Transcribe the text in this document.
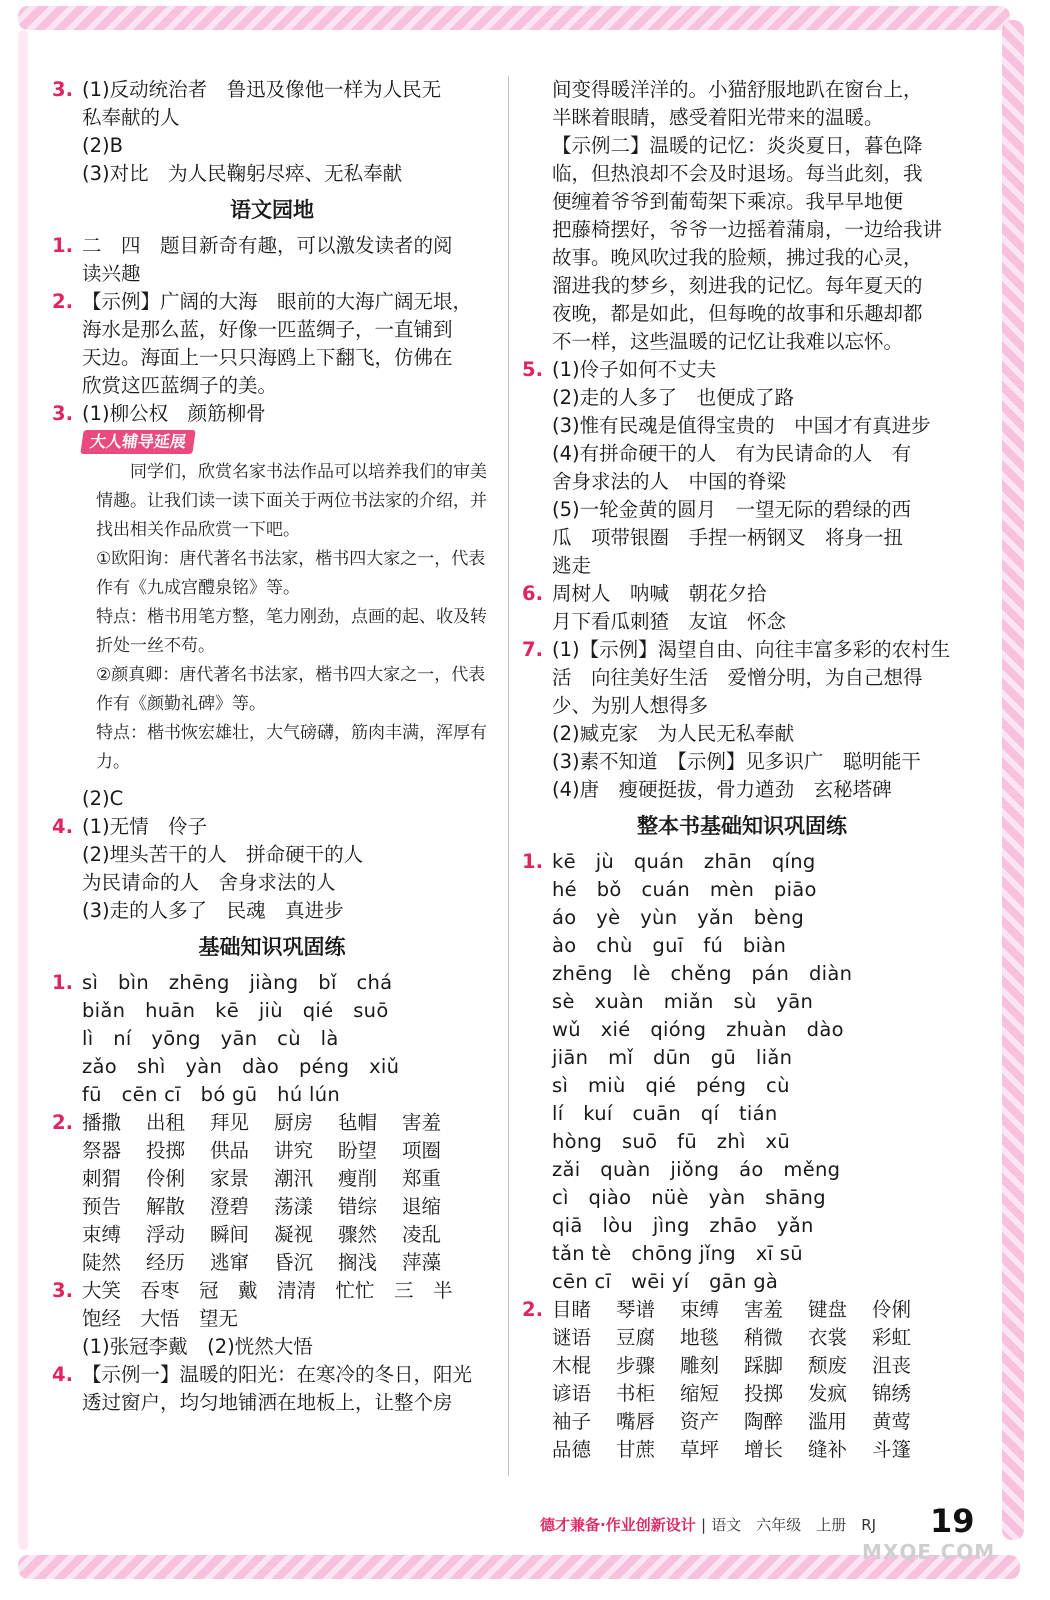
3. (1)反动统治者　鲁迅及像他一样为人民无
私奉献的人
(2)B
(3)对比　为人民鞠躬尽瘁、无私奉献
语文园地
1. 二　四　题目新奇有趣，可以激发读者的阅
读兴趣
2. 【示例】广阔的大海　眼前的大海广阔无垠，
海水是那么蓝，好像一匹蓝绸子，一直铺到
天边。海面上一只只海鸥上下翻飞，仿佛在
欣赏这匹蓝绸子的美。
3. (1)柳公权　颜筋柳骨
大人辅导延展
同学们，欣赏名家书法作品可以培养我们的审美情趣。让我们读一读下面关于两位书法家的介绍，并找出相关作品欣赏一下吧。
①欧阳询：唐代著名书法家，楷书四大家之一，代表作有《九成宫醴泉铭》等。
特点：楷书用笔方整，笔力刚劲，点画的起、收及转折处一丝不苟。
②颜真卿：唐代著名书法家，楷书四大家之一，代表作有《颜勤礼碑》等。
特点：楷书恢宏雄壮，大气磅礴，筋肉丰满，浑厚有力。
(2)C
4. (1)无情　伶子
(2)埋头苦干的人　拼命硬干的人
为民请命的人　舍身求法的人
(3)走的人多了　民魂　真进步
基础知识巩固练
1. sì　bìn　zhēng　jiàng　bǐ　chá
biǎn　huān　kē　jiù　qié　suō
lì　ní　yōng　yān　cù　là
zǎo　shì　yàn　dào　péng　xiǔ
fū　cēn cī　bó gū　hú lún
2. 播撒	出租	拜见	厨房	毡帽	害羞
祭器	投掷	供品	讲究	盼望	项圈
刺猬	伶俐	家景	潮汛	瘦削	郑重
预告	解散	澄碧	荡漾	错综	退缩
束缚	浮动	瞬间	凝视	骤然	凌乱
陡然	经历	逃窜	昏沉	搁浅	萍藻
3. 大笑　吞枣　冠　戴　清清　忙忙　三　半
饱经　大悟　望无
(1)张冠李戴　(2)恍然大悟
4. 【示例一】温暖的阳光：在寒冷的冬日，阳光
透过窗户，均匀地铺洒在地板上，让整个房
间变得暖洋洋的。小猫舒服地趴在窗台上，
半眯着眼睛，感受着阳光带来的温暖。
【示例二】温暖的记忆：炎炎夏日，暮色降
临，但热浪却不会及时退场。每当此刻，我
便缠着爷爷到葡萄架下乘凉。我早早地便
把藤椅摆好，爷爷一边摇着蒲扇，一边给我讲
故事。晚风吹过我的脸颊，拂过我的心灵，
溜进我的梦乡，刻进我的记忆。每年夏天的
夜晚，都是如此，但每晚的故事和乐趣却都
不一样，这些温暖的记忆让我难以忘怀。
5. (1)伶子如何不丈夫
(2)走的人多了　也便成了路
(3)惟有民魂是值得宝贵的　中国才有真进步
(4)有拼命硬干的人　有为民请命的人　有
舍身求法的人　中国的脊梁
(5)一轮金黄的圆月　一望无际的碧绿的西
瓜　项带银圈　手捏一柄钢叉　将身一扭
逃走
6. 周树人　呐喊　朝花夕拾
月下看瓜刺猹　友谊　怀念
7. (1)【示例】渴望自由、向往丰富多彩的农村生
活　向往美好生活　爱憎分明，为自己想得
少、为别人想得多
(2)臧克家　为人民无私奉献
(3)素不知道　【示例】见多识广　聪明能干
(4)唐　瘦硬挺拔，骨力遒劲　玄秘塔碑
整本书基础知识巩固练
1. kē　jù　quán　zhān　qíng
hé　bǒ　cuán　mèn　piāo
áo　yè　yùn　yǎn　bèng
ào　chù　guī　fú　biàn
zhēng　lè　chěng　pán　diàn
sè　xuàn　miǎn　sù　yān
wǔ　xié　qióng　zhuàn　dào
jiān　mǐ　dūn　gū　liǎn
sì　miù　qié　péng　cù
lí　kuí　cuān　qí　tián
hòng　suō　fū　zhì　xū
zǎi　quàn　jiǒng　áo　měng
cì　qiào　nüè　yàn　shāng
qiā　lòu　jìng　zhāo　yǎn
tǎn tè　chōng jǐng　xī sū
cēn cī　wēi yí　gān gà
2. 目睹	琴谱	束缚	害羞	键盘	伶俐
谜语	豆腐	地毯	稍微	衣裳	彩虹
木棍	步骤	雕刻	踩脚	颓废	沮丧
谚语	书柜	缩短	投掷	发疯	锦绣
袖子	嘴唇	资产	陶醉	滥用	黄莺
品德	甘蔗	草坪	增长	缝补	斗篷
德才兼备·作业创新设计 | 语文　六年级　上册　RJ 19
MXQE.COM
